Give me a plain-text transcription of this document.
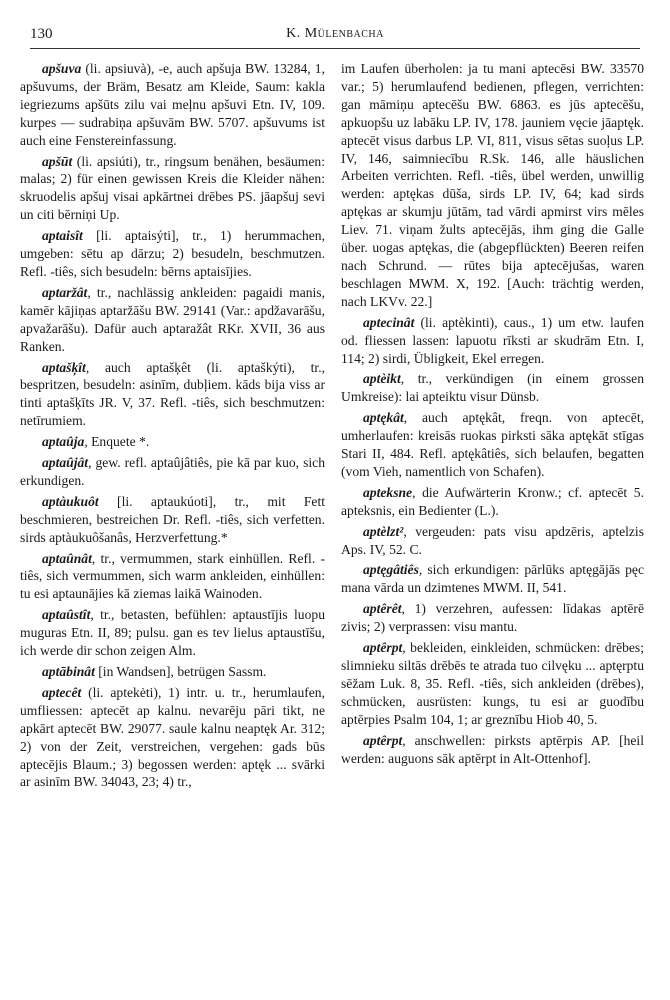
130	K. Mülenbacha

apšuva (li. apsiuvà), -e, auch apšuja BW. 13284, 1, apšuvums, der Bräm, Besatz am Kleide, Saum: kakla iegriezums apšūts zilu vai meļnu apšuvi Etn. IV, 109. kurpes — sudrabiņa apšuvām BW. 5707. apšuvums ist auch eine Fenstereinfassung.

apšūt (li. apsiúti), tr., ringsum benähen, besäumen: malas; 2) für einen gewissen Kreis die Kleider nähen: skruodelis apšuj visai apkārtnei drēbes PS. jāapšuj sevi un citi bērniņi Up.

aptaisît [li. aptaisýti], tr., 1) herummachen, umgeben: sētu ap dārzu; 2) besudeln, beschmutzen. Refl. -tiês, sich besudeln: bērns aptaisījies.

aptaržât, tr., nachlässig ankleiden: pagaidi manis, kamēr kājiņas aptaržāšu BW. 29141 (Var.: apdžavarāšu, apvažarāšu). Dafür auch aptaražât RKr. XVII, 36 aus Ranken.

aptašķît, auch aptašķêt (li. aptaškýti), tr., bespritzen, besudeln: asinīm, dubļiem. kāds bija viss ar tinti aptašķīts JR. V, 37. Refl. -tiês, sich beschmutzen: netīrumiem.

aptaûja, Enquete *.

aptaûjât, gew. refl. aptaûjâtiês, pie kā par kuo, sich erkundigen.

aptàukuôt [li. aptaukúoti], tr., mit Fett beschmieren, bestreichen Dr. Refl. -tiês, sich verfetten. sirds aptàukuôšanâs, Herzverfettung.*

aptaûnât, tr., vermummen, stark einhüllen. Refl. -tiês, sich vermummen, sich warm ankleiden, einhüllen: tu esi aptaunājies kā ziemas laikā Wainoden.

aptaûstît, tr., betasten, befühlen: aptaustījis luopu muguras Etn. II, 89; pulsu. gan es tev lielus aptaustīšu, ich werde dir schon zeigen Alm.

aptābinât [in Wandsen], betrügen Sassm.

aptecêt (li. aptekėti), 1) intr. u. tr., herumlaufen, umfliessen: aptecēt ap kalnu. nevarēju pāri tikt, ne apkārt aptecēt BW. 29077. saule kalnu neaptęk Ar. 312; 2) von der Zeit, verstreichen, vergehen: gads būs aptecējis Blaum.; 3) begossen werden: aptęk ... svārki ar asinīm BW. 34043, 23; 4) tr.,

im Laufen überholen: ja tu mani aptecēsi BW. 33570 var.; 5) herumlaufend bedienen, pflegen, verrichten: gan māmiņu aptecēšu BW. 6863. es jūs aptecēšu, apkuopšu uz labāku LP. IV, 178. jauniem vęcie jāaptęk. aptecēt visus darbus LP. VI, 811, visus sētas suoļus LP. IV, 146, saimniecību R.Sk. 146, alle häuslichen Arbeiten verrichten. Refl. -tiês, übel werden, unwillig werden: aptękas dūša, sirds LP. IV, 64; kad sirds aptękas ar skumju jūtām, tad vārdi apmirst virs mēles Liev. 71. viņam žults aptecējās, ihm ging die Galle über. uogas aptękas, die (abgepflückten) Beeren reifen nach Schrund. — rūtes bija aptecējušas, waren beschlagen MWM. X, 192. [Auch: trächtig werden, nach LKVv. 22.]

aptecinât (li. aptèkinti), caus., 1) um etw. laufen od. fliessen lassen: lapuotu rīksti ar skudrām Etn. I, 114; 2) sirdi, Übligkeit, Ekel erregen.

aptèikt, tr., verkündigen (in einem grossen Umkreise): lai apteiktu visur Dünsb.

aptękât, auch aptękât, freqn. von aptecēt, umherlaufen: kreisās ruokas pirksti sāka aptękāt stīgas Stari II, 484. Refl. aptękâtiês, sich belaufen, begatten (vom Vieh, namentlich von Schafen).

apteksne, die Aufwärterin Kronw.; cf. aptecēt 5. apteksnis, ein Bedienter (L.).

aptèlzt², vergeuden: pats visu apdzēris, aptelzis Aps. IV, 52. C.

aptęgâtiês, sich erkundigen: pārlūks aptęgājās pęc mana vārda un dzimtenes MWM. II, 541.

aptêrêt, 1) verzehren, aufessen: līdakas aptērē zivis; 2) verprassen: visu mantu.

aptêrpt, bekleiden, einkleiden, schmücken: drēbes; slimnieku siltās drēbēs te atrada tuo cilvęku ... aptęrptu sēžam Luk. 8, 35. Refl. -tiês, sich ankleiden (drēbes), schmücken, ausrüsten: kungs, tu esi ar guodību aptērpies Psalm 104, 1; ar greznību Hiob 40, 5.

aptêrpt, anschwellen: pirksts aptērpis AP. [heil werden: auguons sāk aptērpt in Alt-Ottenhof].
